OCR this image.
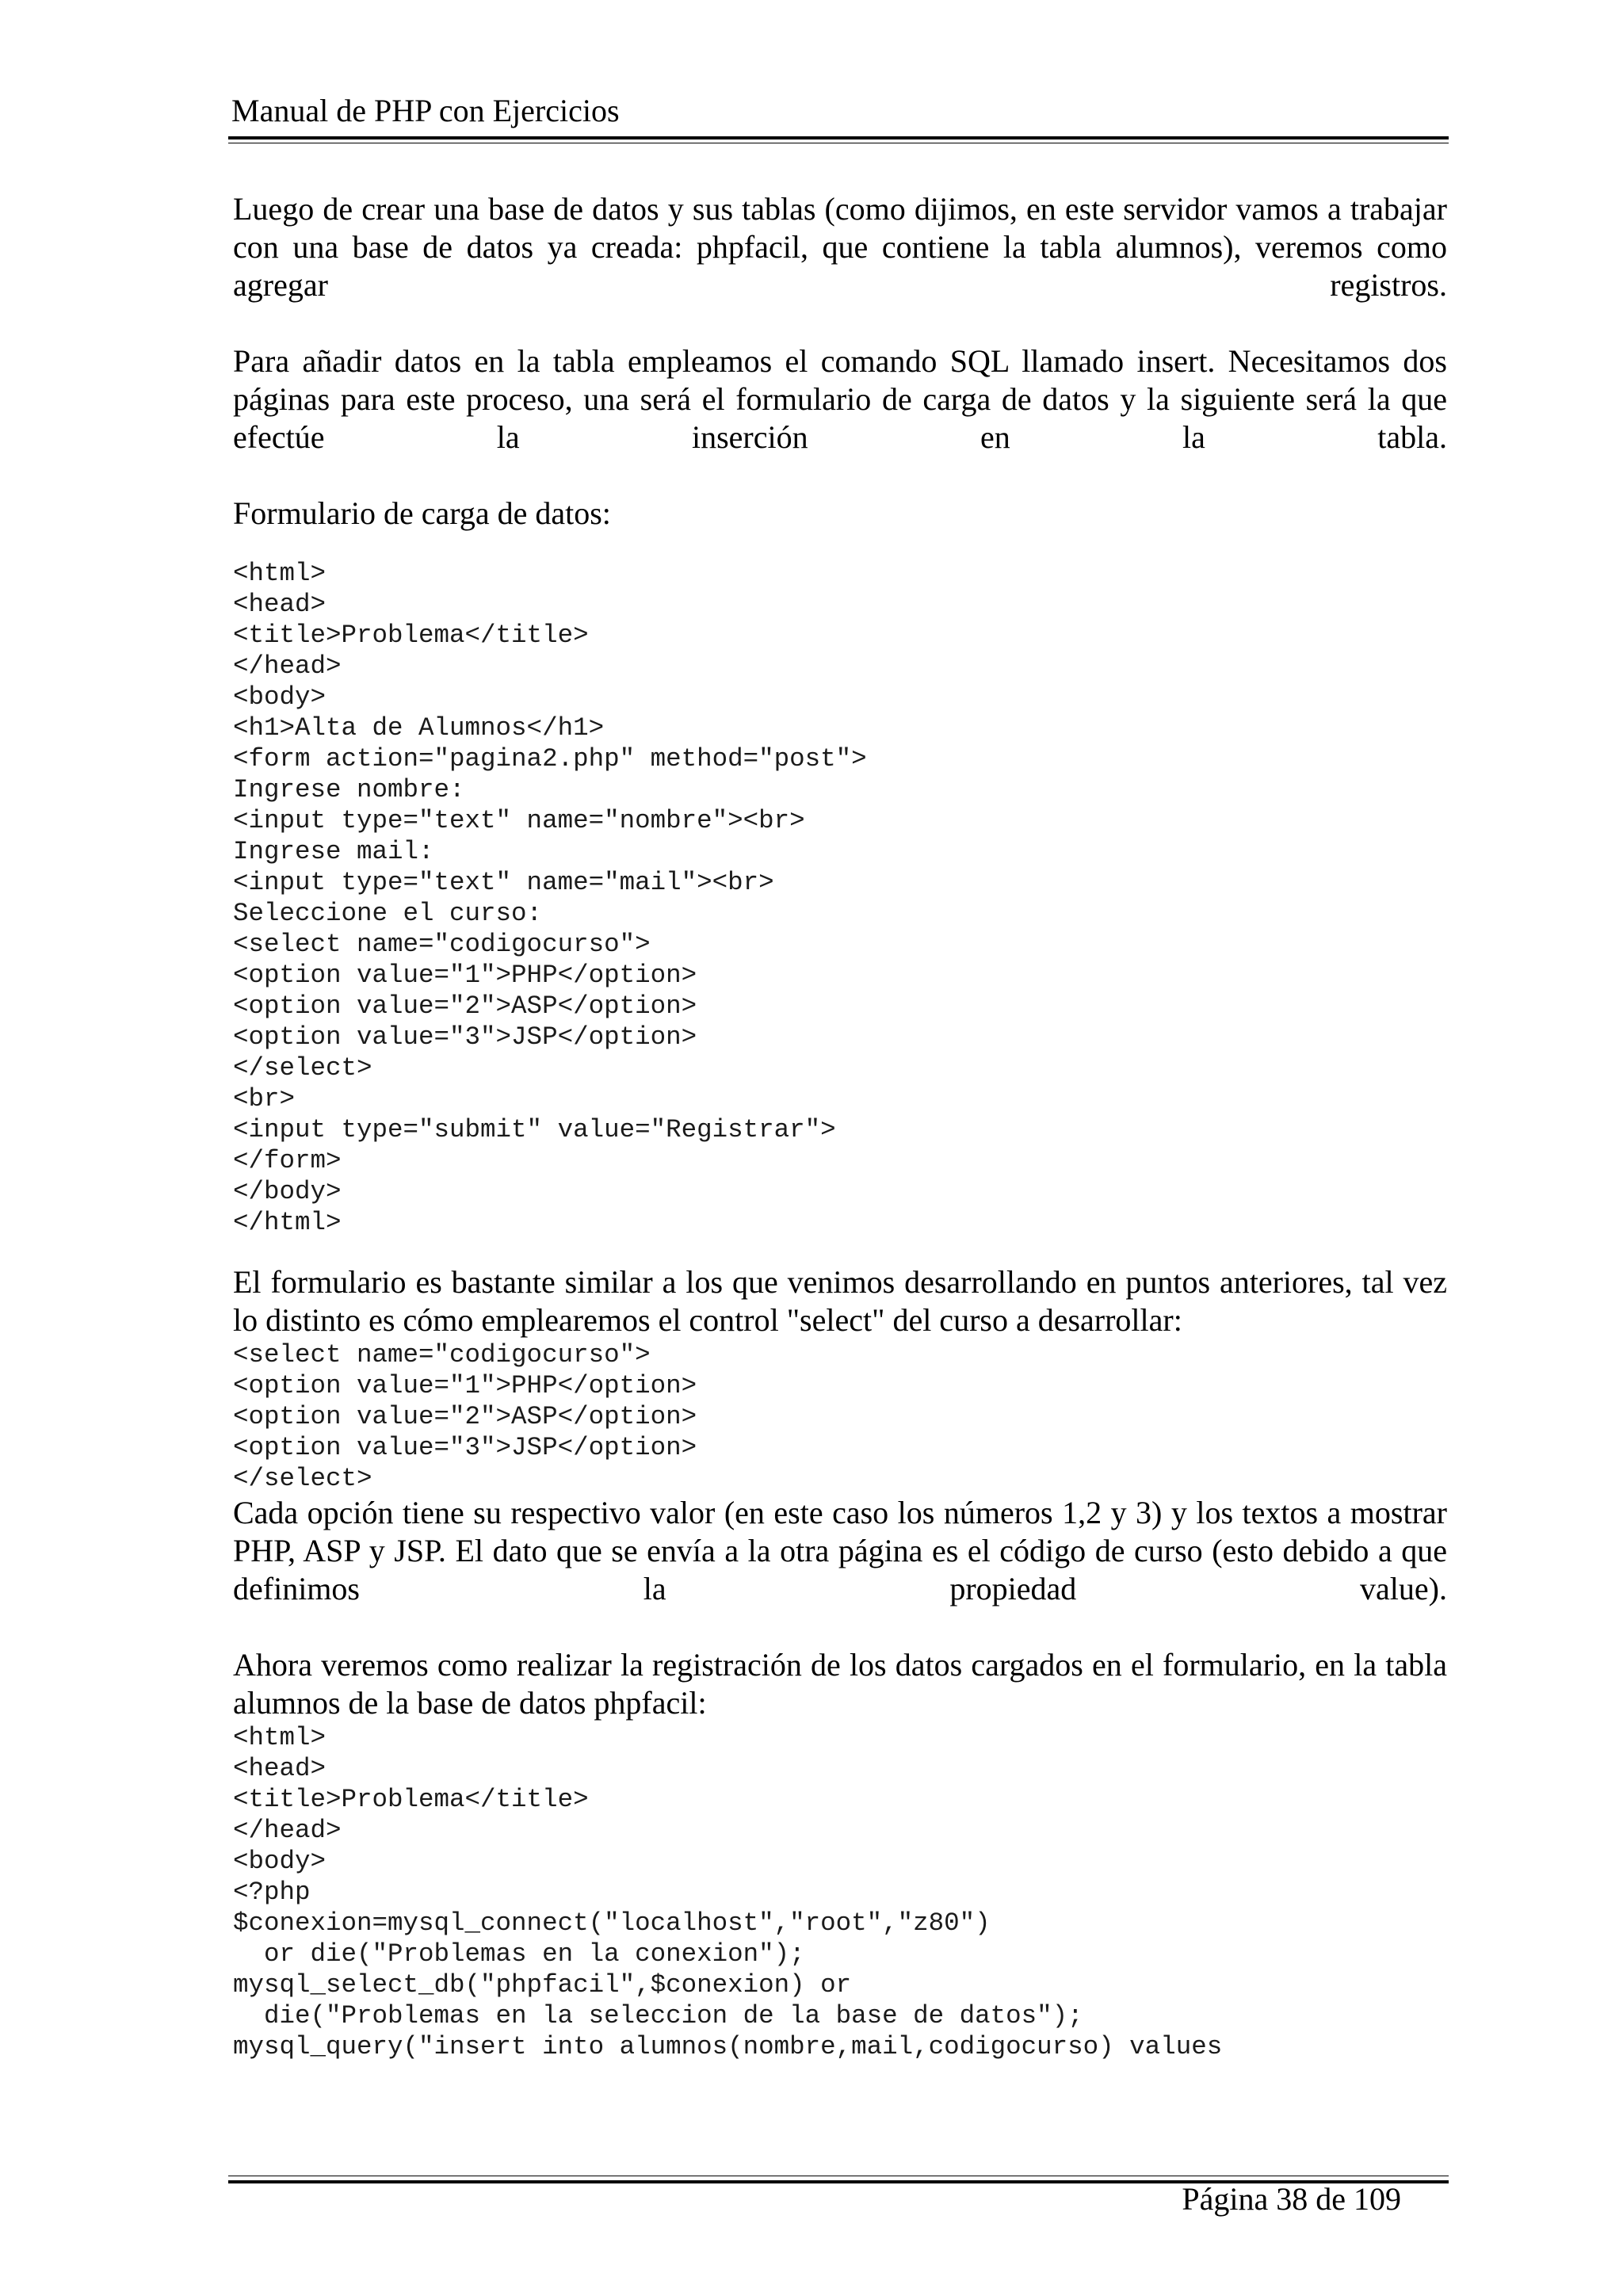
Manual de PHP con Ejercicios

Luego de crear una base de datos y sus tablas (como dijimos, en este servidor vamos a trabajar con una base de datos ya creada: phpfacil, que contiene la tabla alumnos), veremos como agregar registros.

Para añadir datos en la tabla empleamos el comando SQL llamado insert. Necesitamos dos páginas para este proceso, una será el formulario de carga de datos y la siguiente será la que efectúe la inserción en la tabla.

Formulario de carga de datos:

<html>
<head>
<title>Problema</title>
</head>
<body>
<h1>Alta de Alumnos</h1>
<form action="pagina2.php" method="post">
Ingrese nombre:
<input type="text" name="nombre"><br>
Ingrese mail:
<input type="text" name="mail"><br>
Seleccione el curso:
<select name="codigocurso">
<option value="1">PHP</option>
<option value="2">ASP</option>
<option value="3">JSP</option>
</select>
<br>
<input type="submit" value="Registrar">
</form>
</body>
</html>

El formulario es bastante similar a los que venimos desarrollando en puntos anteriores, tal vez lo distinto es cómo emplearemos el control "select" del curso a desarrollar:

<select name="codigocurso">
<option value="1">PHP</option>
<option value="2">ASP</option>
<option value="3">JSP</option>
</select>

Cada opción tiene su respectivo valor (en este caso los números 1,2 y 3) y los textos a mostrar PHP, ASP y JSP. El dato que se envía a la otra página es el código de curso (esto debido a que definimos la propiedad value).

Ahora veremos como realizar la registración de los datos cargados en el formulario, en la tabla alumnos de la base de datos phpfacil:

<html>
<head>
<title>Problema</title>
</head>
<body>
<?php
$conexion=mysql_connect("localhost","root","z80")
or die("Problemas en la conexion");
mysql_select_db("phpfacil",$conexion) or
die("Problemas en la seleccion de la base de datos");
mysql_query("insert into alumnos(nombre,mail,codigocurso) values
Página 38 de 109
